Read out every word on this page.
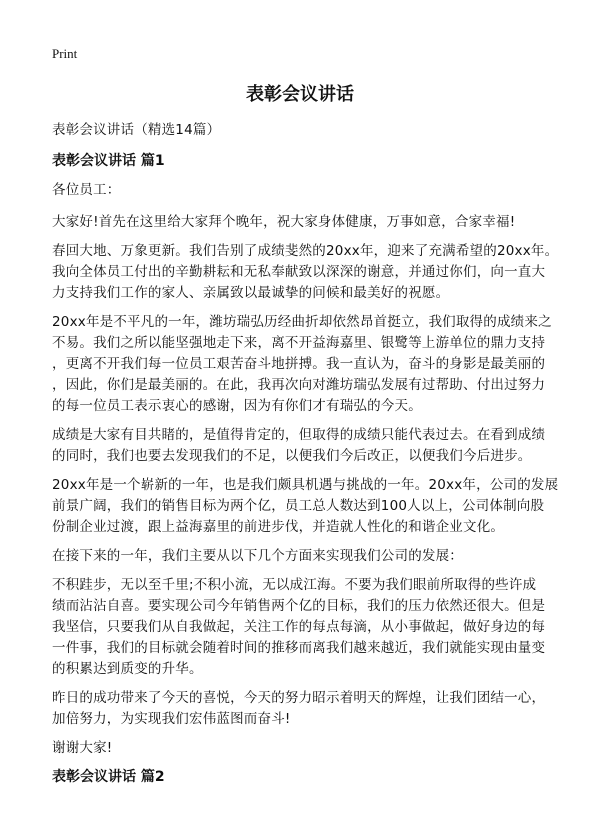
Print
表彰会议讲话
表彰会议讲话（精选14篇）
表彰会议讲话 篇1
各位员工：
大家好!首先在这里给大家拜个晚年，祝大家身体健康，万事如意，合家幸福!
春回大地、万象更新。我们告别了成绩斐然的20xx年，迎来了充满希望的20xx年。
我向全体员工付出的辛勤耕耘和无私奉献致以深深的谢意，并通过你们，向一直大
力支持我们工作的家人、亲属致以最诚挚的问候和最美好的祝愿。
20xx年是不平凡的一年，潍坊瑞弘历经曲折却依然昂首挺立，我们取得的成绩来之
不易。我们之所以能坚强地走下来，离不开益海嘉里、银鹭等上游单位的鼎力支持
，更离不开我们每一位员工艰苦奋斗地拼搏。我一直认为，奋斗的身影是最美丽的
，因此，你们是最美丽的。在此，我再次向对潍坊瑞弘发展有过帮助、付出过努力
的每一位员工表示衷心的感谢，因为有你们才有瑞弘的今天。
成绩是大家有目共睹的，是值得肯定的，但取得的成绩只能代表过去。在看到成绩
的同时，我们也要去发现我们的不足，以便我们今后改正，以便我们今后进步。
20xx年是一个崭新的一年，也是我们颇具机遇与挑战的一年。20xx年，公司的发展
前景广阔，我们的销售目标为两个亿，员工总人数达到100人以上，公司体制向股
份制企业过渡，跟上益海嘉里的前进步伐，并造就人性化的和谐企业文化。
在接下来的一年，我们主要从以下几个方面来实现我们公司的发展：
不积跬步，无以至千里;不积小流，无以成江海。不要为我们眼前所取得的些许成
绩而沾沾自喜。要实现公司今年销售两个亿的目标，我们的压力依然还很大。但是
我坚信，只要我们从自我做起，关注工作的每点每滴，从小事做起，做好身边的每
一件事，我们的目标就会随着时间的推移而离我们越来越近，我们就能实现由量变
的积累达到质变的升华。
昨日的成功带来了今天的喜悦，今天的努力昭示着明天的辉煌，让我们团结一心，
加倍努力，为实现我们宏伟蓝图而奋斗!
谢谢大家!
表彰会议讲话 篇2
